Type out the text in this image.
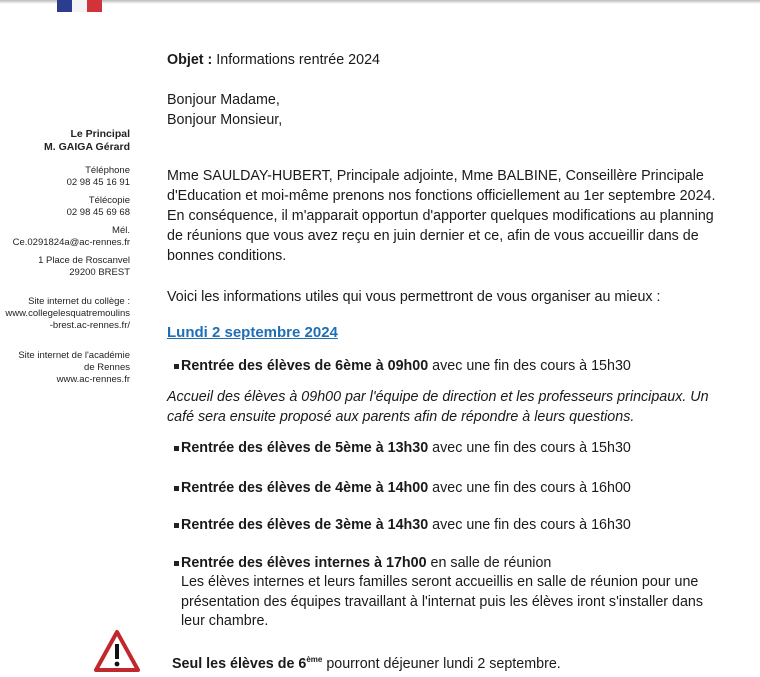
Le Principal
M. GAIGA Gérard
Téléphone
02 98 45 16 91
Télécopie
02 98 45 69 68
Mél.
Ce.0291824a@ac-rennes.fr
1 Place de Roscanvel
29200 BREST
Site internet du collège :
www.collegelesquatremoulins
-brest.ac-rennes.fr/
Site internet de l'académie
de Rennes
www.ac-rennes.fr
Objet : Informations rentrée 2024
Bonjour Madame,
Bonjour Monsieur,
Mme SAULDAY-HUBERT, Principale adjointe, Mme BALBINE, Conseillère Principale
d'Education et moi-même prenons nos fonctions officiellement au 1er septembre 2024.
En conséquence, il m'apparait opportun d'apporter quelques modifications au planning
de réunions que vous avez reçu en juin dernier et ce, afin de vous accueillir dans de
bonnes conditions.
Voici les informations utiles qui vous permettront de vous organiser au mieux :
Lundi 2 septembre 2024
Rentrée des élèves de 6ème à 09h00 avec une fin des cours à 15h30
Accueil des élèves à 09h00 par l'équipe de direction et les professeurs principaux. Un
café sera ensuite proposé aux parents afin de répondre à leurs questions.
Rentrée des élèves de 5ème à 13h30 avec une fin des cours à 15h30
Rentrée des élèves de 4ème à 14h00 avec une fin des cours à 16h00
Rentrée des élèves de 3ème à 14h30 avec une fin des cours à 16h30
Rentrée des élèves internes à 17h00 en salle de réunion
Les élèves internes et leurs familles seront accueillis en salle de réunion pour une
présentation des équipes travaillant à l'internat puis les élèves iront s'installer dans
leur chambre.
Seul les élèves de 6ème pourront déjeuner lundi 2 septembre.
